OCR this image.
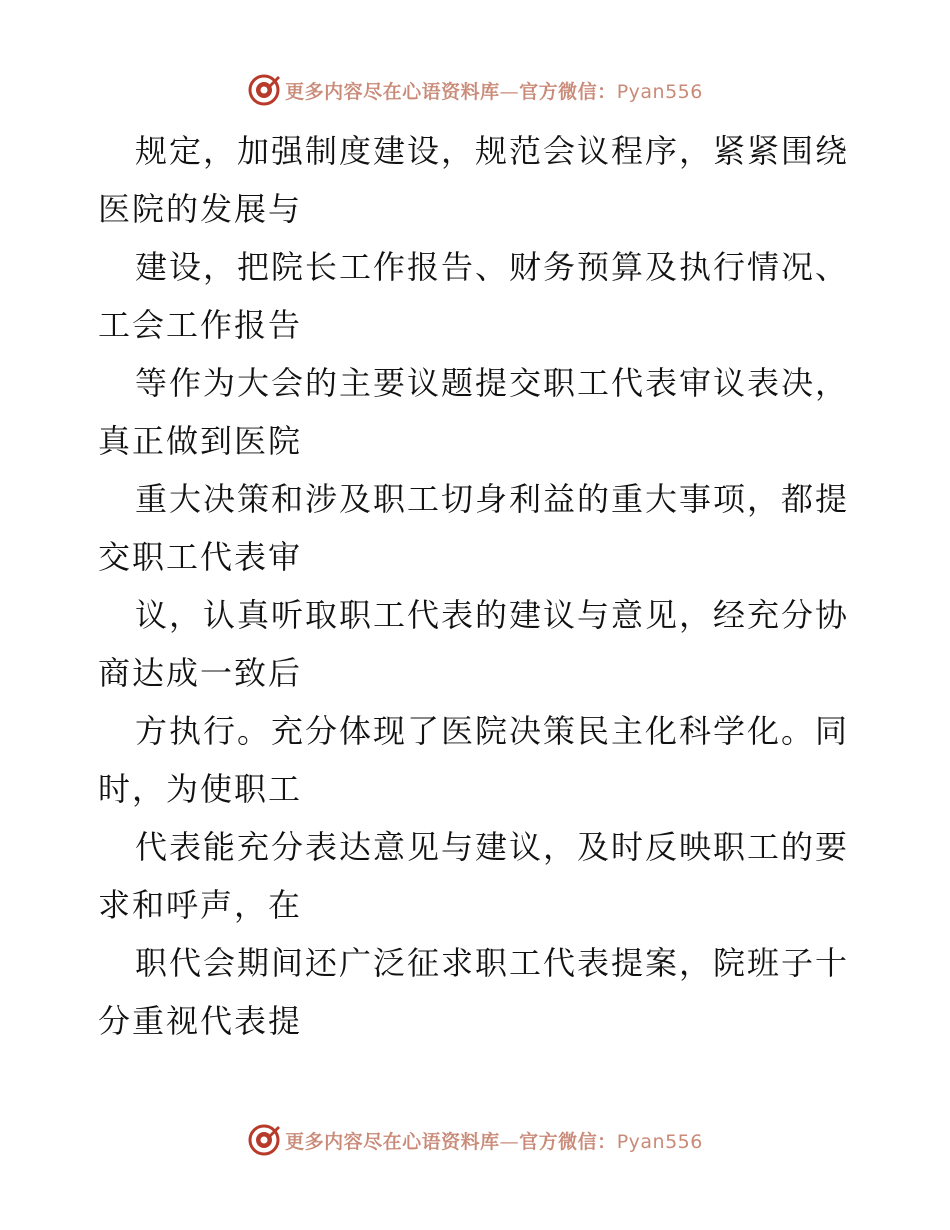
更多内容尽在心语资料库—官方微信：Pyan556

规定，加强制度建设，规范会议程序，紧紧围绕医院的发展与

建设，把院长工作报告、财务预算及执行情况、工会工作报告

等作为大会的主要议题提交职工代表审议表决，真正做到医院

重大决策和涉及职工切身利益的重大事项，都提交职工代表审

议，认真听取职工代表的建议与意见，经充分协商达成一致后

方执行。充分体现了医院决策民主化科学化。同时，为使职工

代表能充分表达意见与建议，及时反映职工的要求和呼声，在

职代会期间还广泛征求职工代表提案，院班子十分重视代表提

更多内容尽在心语资料库—官方微信：Pyan556
